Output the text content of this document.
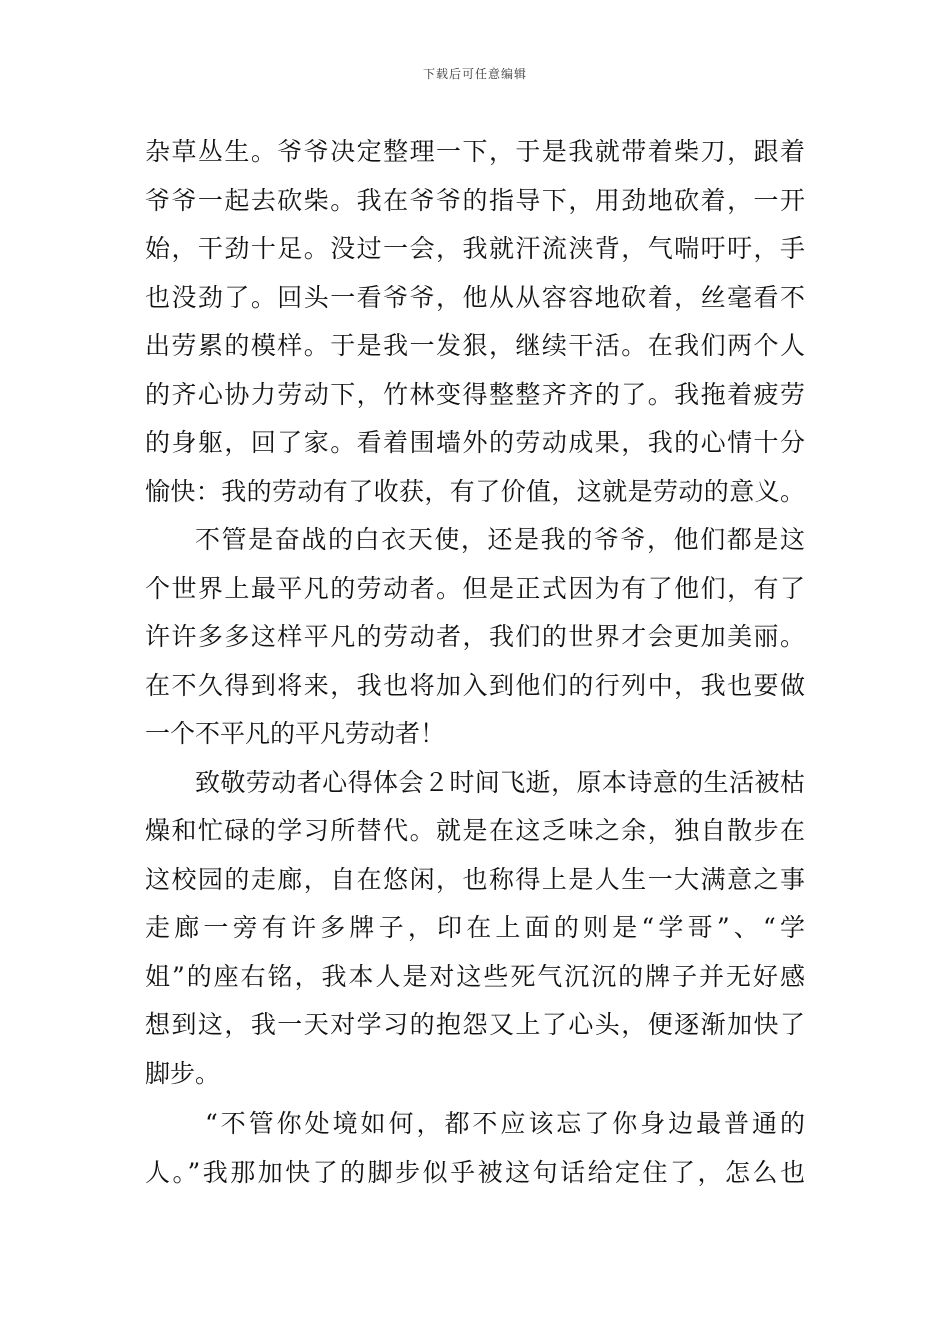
下载后可任意编辑
杂草丛生。爷爷决定整理一下，于是我就带着柴刀，跟着
爷爷一起去砍柴。我在爷爷的指导下，用劲地砍着，一开
始，干劲十足。没过一会，我就汗流浃背，气喘吁吁，手
也没劲了。回头一看爷爷，他从从容容地砍着，丝毫看不
出劳累的模样。于是我一发狠，继续干活。在我们两个人
的齐心协力劳动下，竹林变得整整齐齐的了。我拖着疲劳
的身躯，回了家。看着围墙外的劳动成果，我的心情十分
愉快：我的劳动有了收获，有了价值，这就是劳动的意义。
不管是奋战的白衣天使，还是我的爷爷，他们都是这
个世界上最平凡的劳动者。但是正式因为有了他们，有了
许许多多这样平凡的劳动者，我们的世界才会更加美丽。
在不久得到将来，我也将加入到他们的行列中，我也要做
一个不平凡的平凡劳动者！
致敬劳动者心得体会２时间飞逝，原本诗意的生活被枯
燥和忙碌的学习所替代。就是在这乏味之余，独自散步在
这校园的走廊，自在悠闲，也称得上是人生一大满意之事
走廊一旁有许多牌子，印在上面的则是“学哥”、“学
姐”的座右铭，我本人是对这些死气沉沉的牌子并无好感
想到这，我一天对学习的抱怨又上了心头，便逐渐加快了
脚步。
“不管你处境如何，都不应该忘了你身边最普通的
人。”我那加快了的脚步似乎被这句话给定住了，怎么也
